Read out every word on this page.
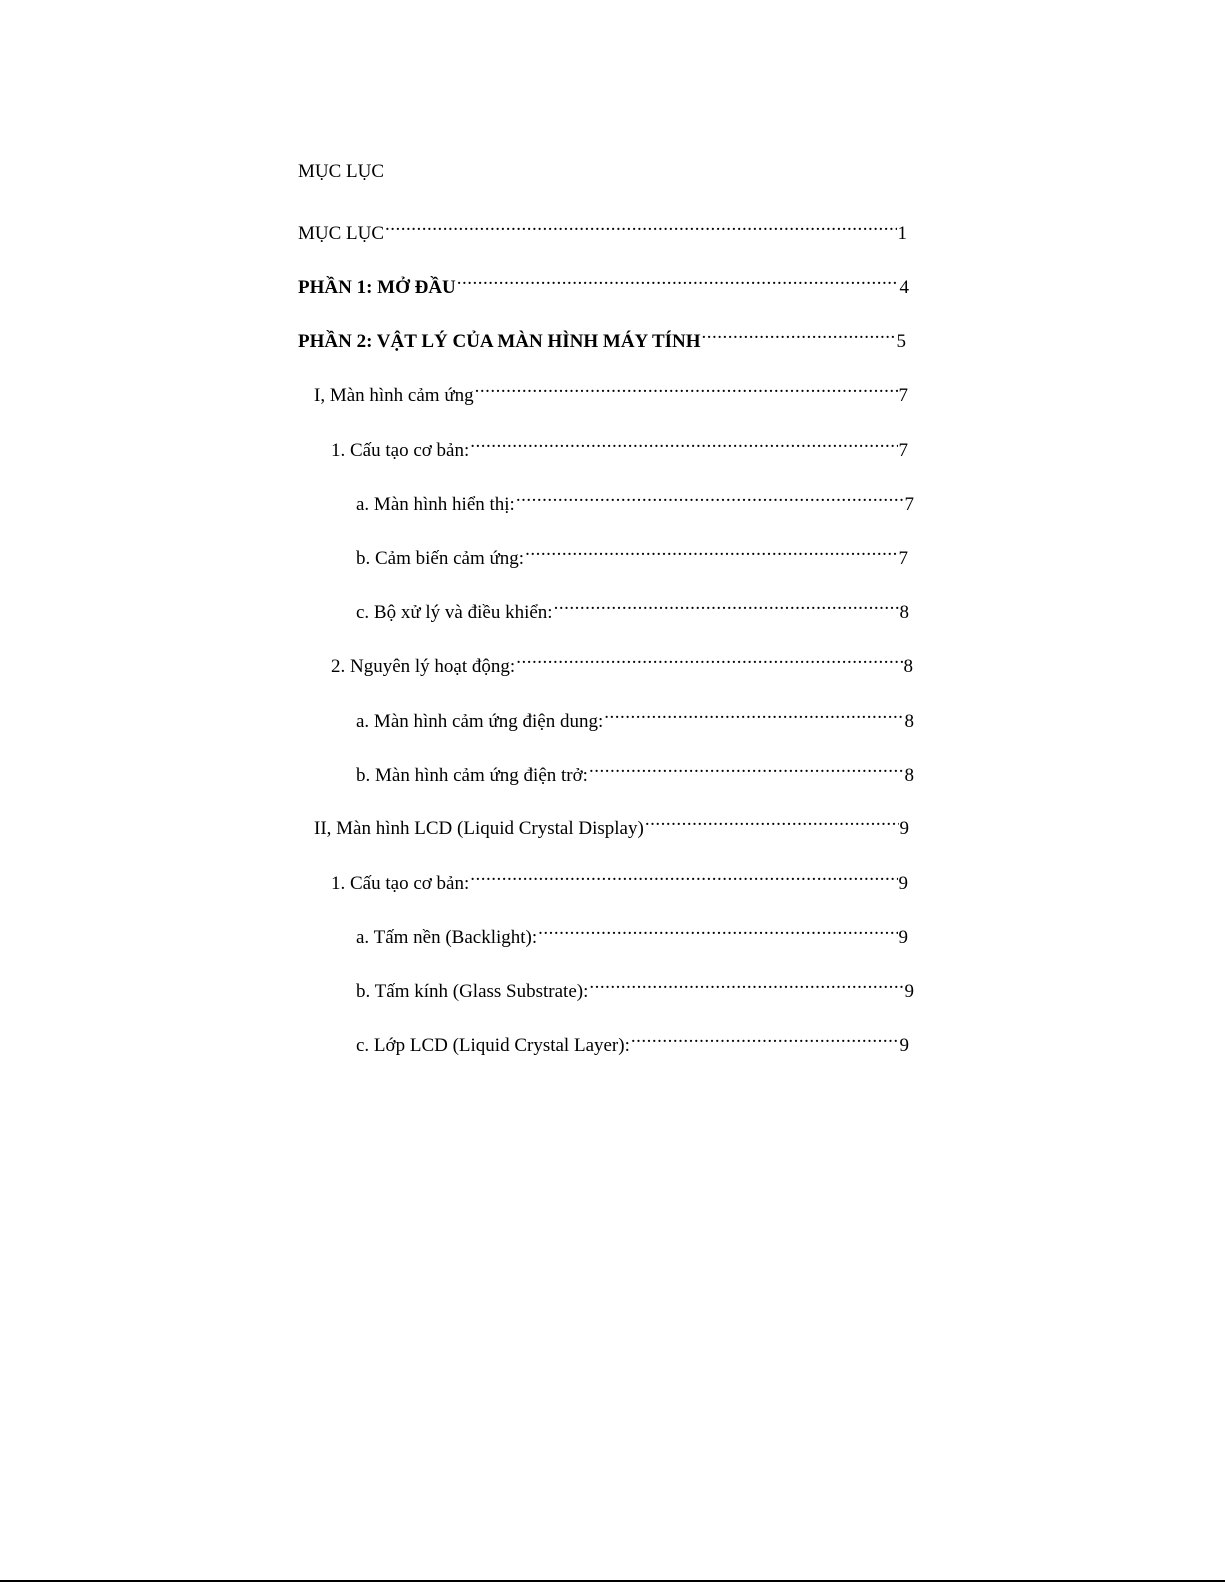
MỤC LỤC
MỤC LỤC .....	1
PHẦN 1: MỞ ĐẦU .....	4
PHẦN 2: VẬT LÝ CỦA MÀN HÌNH MÁY TÍNH .....	5
I, Màn hình cảm ứng .....	7
1. Cấu tạo cơ bản: .....	7
a. Màn hình hiển thị: .....	7
b. Cảm biến cảm ứng: .....	7
c. Bộ xử lý và điều khiển: .....	8
2. Nguyên lý hoạt động: .....	8
a. Màn hình cảm ứng điện dung: .....	8
b. Màn hình cảm ứng điện trở: .....	8
II, Màn hình LCD (Liquid Crystal Display) .....	9
1. Cấu tạo cơ bản: .....	9
a. Tấm nền (Backlight): .....	9
b. Tấm kính (Glass Substrate): .....	9
c. Lớp LCD (Liquid Crystal Layer): .....	9
